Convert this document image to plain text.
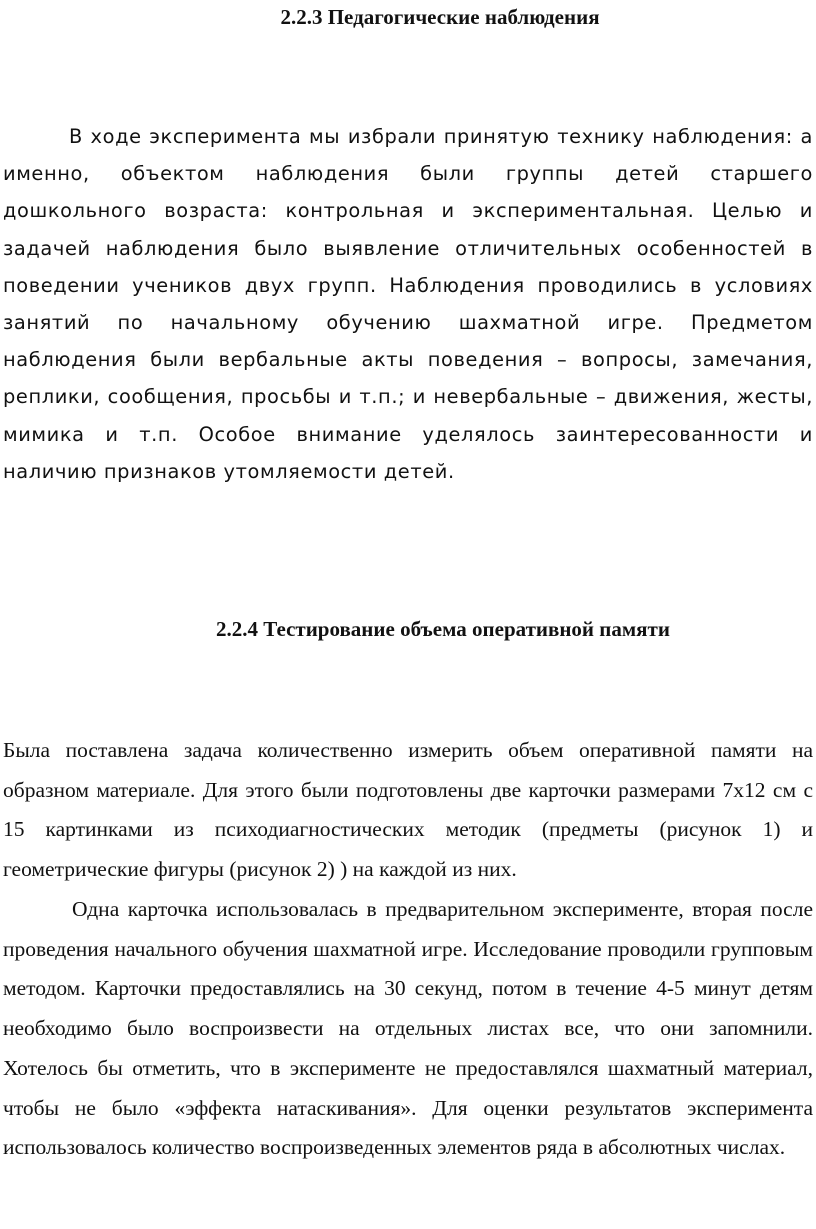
2.2.3 Педагогические наблюдения

В ходе эксперимента мы избрали принятую технику наблюдения: а именно, объектом наблюдения были группы детей старшего дошкольного возраста: контрольная и экспериментальная. Целью и задачей наблюдения было выявление отличительных особенностей в поведении учеников двух групп. Наблюдения проводились в условиях занятий по начальному обучению шахматной игре. Предметом наблюдения были вербальные акты поведения – вопросы, замечания, реплики, сообщения, просьбы и т.п.; и невербальные – движения, жесты, мимика и т.п. Особое внимание уделялось заинтересованности и наличию признаков утомляемости детей.

2.2.4 Тестирование объема оперативной памяти

Была поставлена задача количественно измерить объем оперативной памяти на образном материале. Для этого были подготовлены две карточки размерами 7х12 см с 15 картинками из психодиагностических методик (предметы (рисунок 1) и геометрические фигуры (рисунок 2) ) на каждой из них.

Одна карточка использовалась в предварительном эксперименте, вторая после проведения начального обучения шахматной игре. Исследование проводили групповым методом. Карточки предоставлялись на 30 секунд, потом в течение 4-5 минут детям необходимо было воспроизвести на отдельных листах все, что они запомнили. Хотелось бы отметить, что в эксперименте не предоставлялся шахматный материал, чтобы не было «эффекта натаскивания». Для оценки результатов эксперимента использовалось количество воспроизведенных элементов ряда в абсолютных числах.
